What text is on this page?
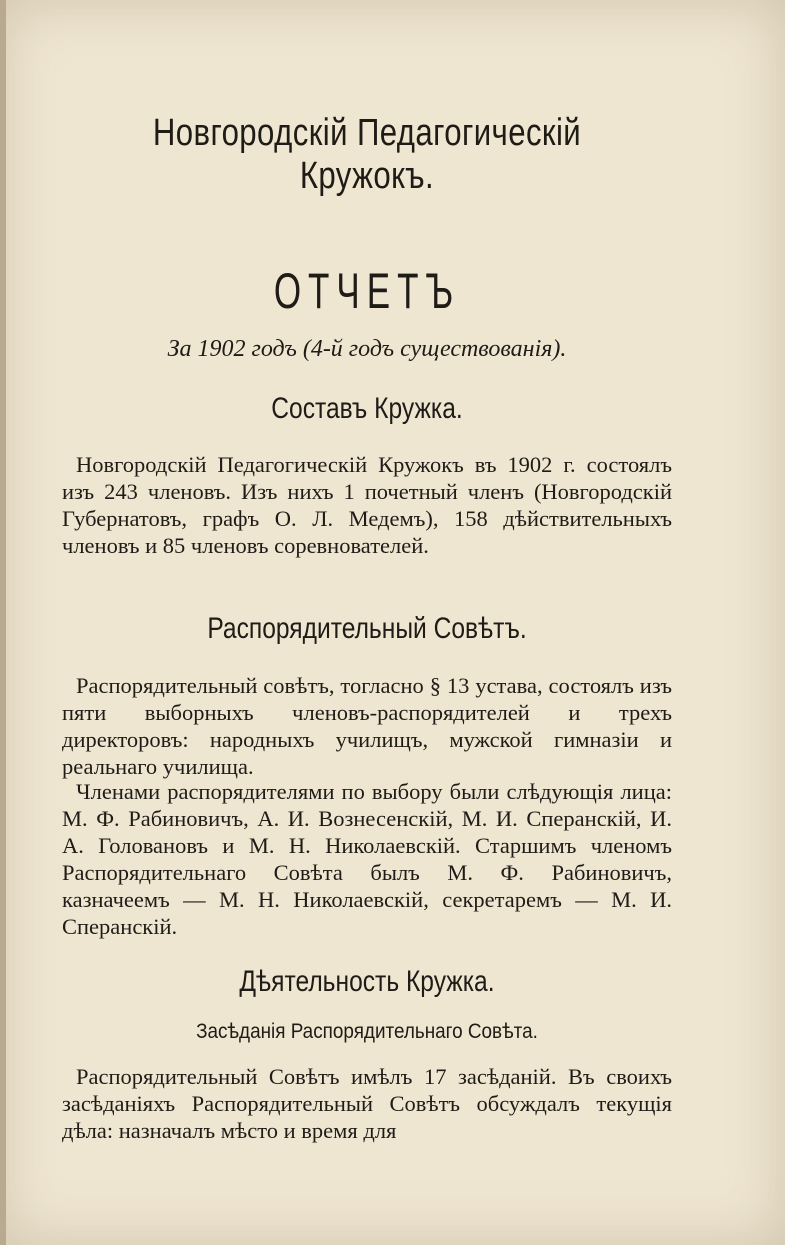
Новгородскій Педагогическій Кружокъ.
ОТЧЕТЪ
За 1902 годъ (4-й годъ существованія).
Составъ Кружка.
Новгородскій Педагогическій Кружокъ въ 1902 г. состоялъ изъ 243 членовъ. Изъ нихъ 1 почетный членъ (Новгородскій Губернатовъ, графъ О. Л. Медемъ), 158 дѣйствительныхъ членовъ и 85 членовъ соревнователей.
Распорядительный Совѣтъ.
Распорядительный совѣтъ, тогласно § 13 устава, состоялъ изъ пяти выборныхъ членовъ-распорядителей и трехъ директоровъ: народныхъ училищъ, мужской гимназіи и реальнаго училища.
Членами распорядителями по выбору были слѣдующія лица: М. Ф. Рабиновичъ, А. И. Вознесенскій, М. И. Сперанскій, И. А. Головановъ и М. Н. Николаевскій. Старшимъ членомъ Распорядительнаго Совѣта былъ М. Ф. Рабиновичъ, казначеемъ — М. Н. Николаевскій, секретаремъ — М. И. Сперанскій.
Дѣятельность Кружка.
Засѣданія Распорядительнаго Совѣта.
Распорядительный Совѣтъ имѣлъ 17 засѣданій. Въ своихъ засѣданіяхъ Распорядительный Совѣтъ обсуждалъ текущія дѣла: назначалъ мѣсто и время для
